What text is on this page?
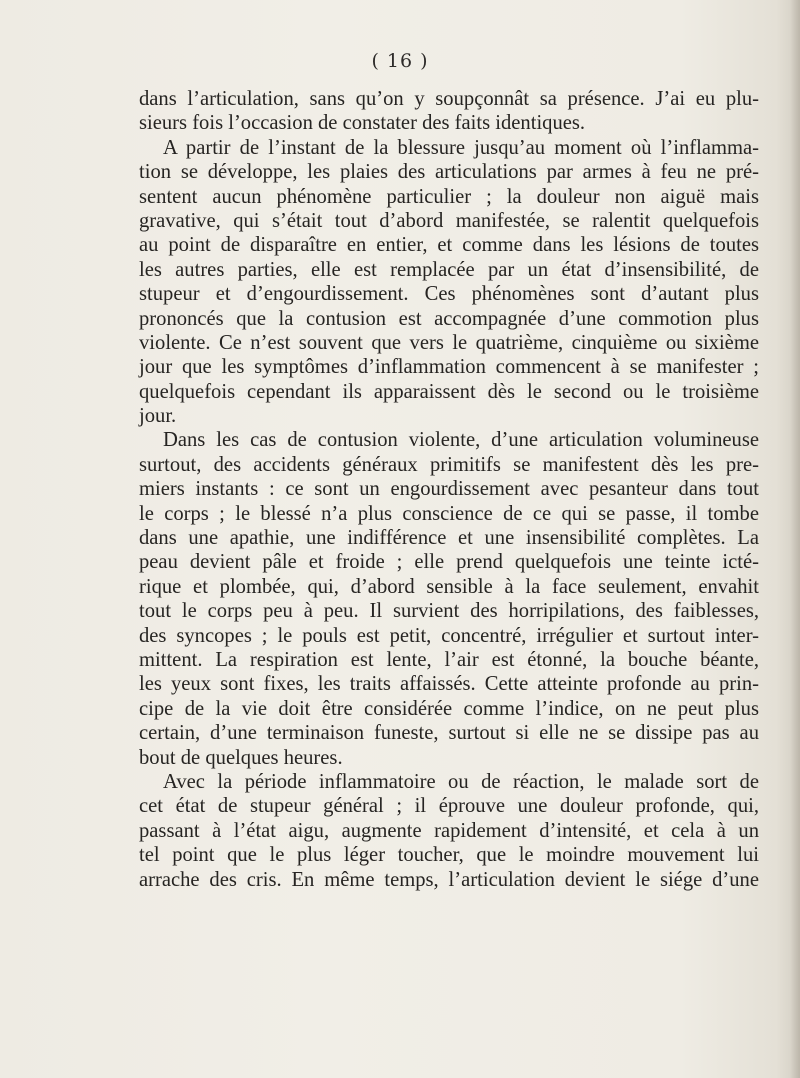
( 16 )
dans l’articulation, sans qu’on y soupçonnât sa présence. J’ai eu plu-
sieurs fois l’occasion de constater des faits identiques.
A partir de l’instant de la blessure jusqu’au moment où l’inflamma-
tion se développe, les plaies des articulations par armes à feu ne pré-
sentent aucun phénomène particulier ; la douleur non aiguë mais
gravative, qui s’était tout d’abord manifestée, se ralentit quelquefois
au point de disparaître en entier, et comme dans les lésions de toutes
les autres parties, elle est remplacée par un état d’insensibilité, de
stupeur et d’engourdissement. Ces phénomènes sont d’autant plus
prononcés que la contusion est accompagnée d’une commotion plus
violente. Ce n’est souvent que vers le quatrième, cinquième ou sixième
jour que les symptômes d’inflammation commencent à se manifester ;
quelquefois cependant ils apparaissent dès le second ou le troisième
jour.
Dans les cas de contusion violente, d’une articulation volumineuse
surtout, des accidents généraux primitifs se manifestent dès les pre-
miers instants : ce sont un engourdissement avec pesanteur dans tout
le corps ; le blessé n’a plus conscience de ce qui se passe, il tombe
dans une apathie, une indifférence et une insensibilité complètes. La
peau devient pâle et froide ; elle prend quelquefois une teinte icté-
rique et plombée, qui, d’abord sensible à la face seulement, envahit
tout le corps peu à peu. Il survient des horripilations, des faiblesses,
des syncopes ; le pouls est petit, concentré, irrégulier et surtout inter-
mittent. La respiration est lente, l’air est étonné, la bouche béante,
les yeux sont fixes, les traits affaissés. Cette atteinte profonde au prin-
cipe de la vie doit être considérée comme l’indice, on ne peut plus
certain, d’une terminaison funeste, surtout si elle ne se dissipe pas au
bout de quelques heures.
Avec la période inflammatoire ou de réaction, le malade sort de
cet état de stupeur général ; il éprouve une douleur profonde, qui,
passant à l’état aigu, augmente rapidement d’intensité, et cela à un
tel point que le plus léger toucher, que le moindre mouvement lui
arrache des cris. En même temps, l’articulation devient le siége d’une
